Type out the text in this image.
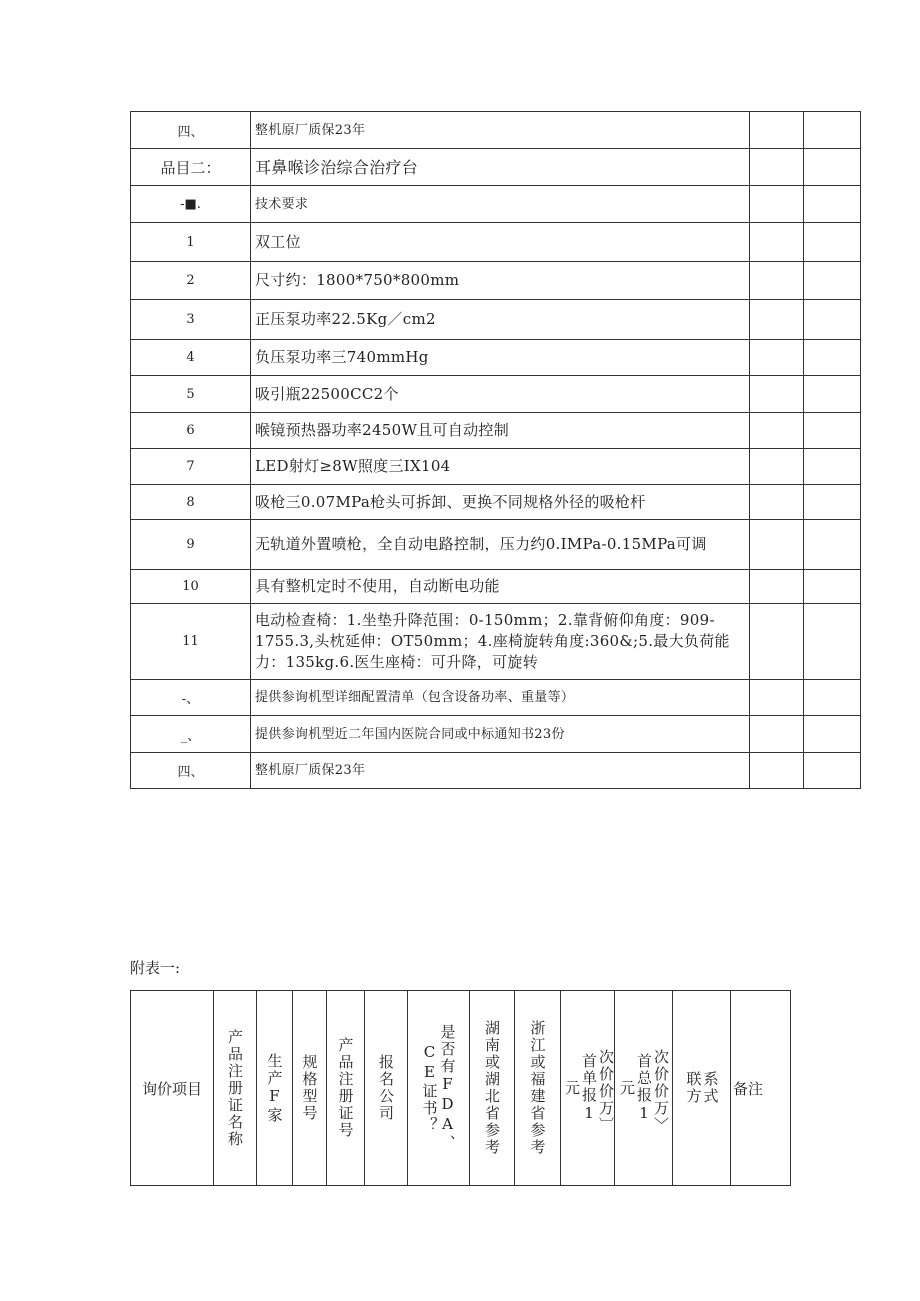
四、	整机原厂质保23年		
品目二：	耳鼻喉诊治综合治疗台		
-■.	技术要求		
1	双工位		
2	尺寸约：1800*750*800mm		
3	正压泵功率22.5Kg／cm2		
4	负压泵功率三740mmHg		
5	吸引瓶22500CC2个		
6	喉镜预热器功率2450W且可自动控制		
7	LED射灯≥8W照度三IX104		
8	吸枪三0.07MPa枪头可拆卸、更换不同规格外径的吸枪杆		
9	无轨道外置喷枪，全自动电路控制，压力约0.IMPa-0.15MPa可调		
10	具有整机定时不使用，自动断电功能		
11	电动检查椅：1.坐垫升降范围：0-150mm；2.靠背俯仰角度：909-1755.3,头枕延伸：OT50mm；4.座椅旋转角度:360&;5.最大负荷能力：135kg.6.医生座椅：可升降，可旋转		
-、	提供参询机型详细配置清单（包含设备功率、重量等）		
_、	提供参询机型近二年国内医院合同或中标通知书23份		
四、	整机原厂质保23年		
附表一:
询价项目	产品注册证名称	生产F家	规格型号	产品注册证号	报名公司	是否有FDA、CE证书？	湖南或湖北省参考	浙江或福建省参考	次价价万〕首单报1元	次价价万〉首总报1元	系式联方	备注
